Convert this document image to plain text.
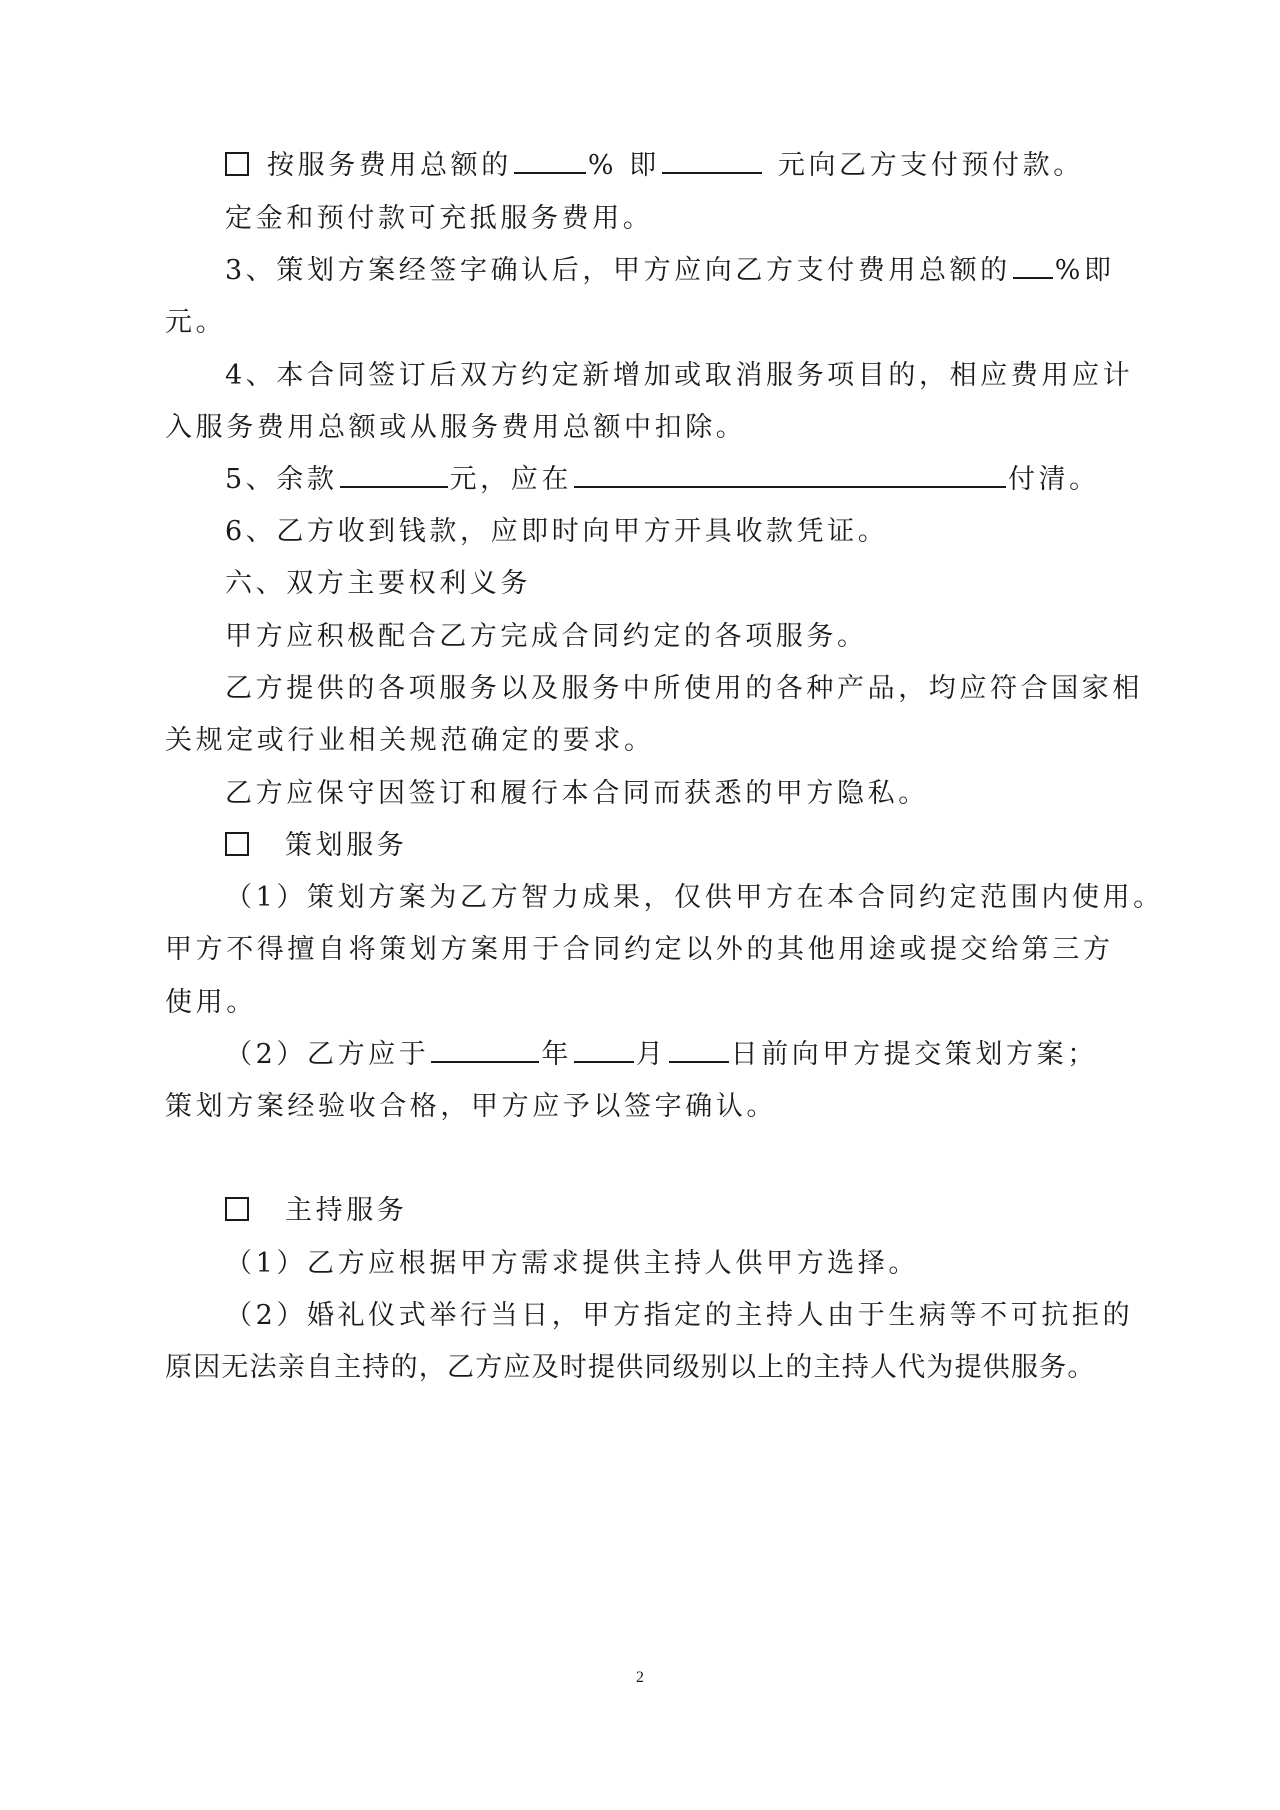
按服务费用总额的	% 即	元向乙方支付预付款。
定金和预付款可充抵服务费用。
3、策划方案经签字确认后，甲方应向乙方支付费用总额的 %即
元。
4、本合同签订后双方约定新增加或取消服务项目的，相应费用应计
入服务费用总额或从服务费用总额中扣除。
5、余款	元，应在	付清。
6、乙方收到钱款，应即时向甲方开具收款凭证。
六、双方主要权利义务
甲方应积极配合乙方完成合同约定的各项服务。
乙方提供的各项服务以及服务中所使用的各种产品，均应符合国家相
关规定或行业相关规范确定的要求。
乙方应保守因签订和履行本合同而获悉的甲方隐私。
策划服务
（1）策划方案为乙方智力成果，仅供甲方在本合同约定范围内使用。
甲方不得擅自将策划方案用于合同约定以外的其他用途或提交给第三方
使用。
（2）乙方应于	年 月 日前向甲方提交策划方案；
策划方案经验收合格，甲方应予以签字确认。
主持服务
（1）乙方应根据甲方需求提供主持人供甲方选择。
（2）婚礼仪式举行当日，甲方指定的主持人由于生病等不可抗拒的
原因无法亲自主持的，乙方应及时提供同级别以上的主持人代为提供服务。
2
